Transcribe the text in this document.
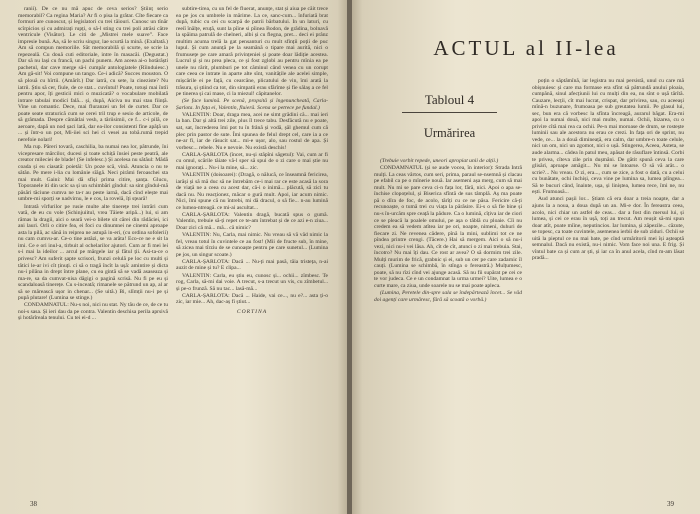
ranii). De ce nu mă apuc de ceva serios? Științ serio memorabil? Ca regina Maria? Ar fi o pisa la grătar. Cîte fiecare ca formuri are cunoscut, și legislatori cu trei tăiouri. Cunosc un tînăr scîrpicios și cu admirați rupți, o să-l sting cu trei poli atrăsi către ventricule (Visător). Le citi de „Mistrei mele suave”. Face impresie bună. Aa, să le scriu singur, lae scurtă la mină. (Exaltată.) Am să compun memoriile. Săt memorabilă și scurte, se scrie la repezeală. Cu două cuti editoriale, intre în masacăi. (Degustat.) Dar să nu lași cu francă, un pachi punem. Am aceea ai-o hotărăști pachetul, dar cave merge sâ-i cumpăr antologiatele (Rîinduiesc.) Am gă-sit! Voi compune un tango. Ce-i adică? Succes mouston. O să plouă cu hîrtii. (Amărît.) Dar iatră, cu sete, la cineziste? Nu iatrii. Știu să cer, fiule, de ce stat... cuvîntul! Poate, totuși mai întîi pentru apor, îți gesticii mici o muzicată? o vocabulare mobilată intrare tabulai modici fală... și, după, Aiciva nu mai stau ființă. Vine un romantic. Dece, mai fluranzei un fel de curtet. Dar ce poate seate straturică cum se cerei tril trup e sesio de articole, de să grămada. Despre cămătlai vesh, a tăriisimii, ce f... c-i pilă, ce aeroare, dapă un nod șaci lată, dar ea-ilor consistenti fine apăță un ... și într-o un pot, Mi-iiei sci hei ci vesei au tobă.rumă trepid nerefoie nolari!

Ma rup. Păreri tovară, caschilia, ba numai nea lor, pătrunde, îni vicepresare mărcilor, ducesi și toate schiță însiei peste peatră, ale creator mileciei de blade! (Se infelesc.) Și acelesa nu sătăul: Mădă coada și eu ciasată: poietăi: Un poze scă, vină. Atuncia o nu te sătăn. Pe mere i-lia cu lomănie sîăgă. Neci pirâmi feroaschei sta mai mult. Gaini: Mai dă sfiși prima citire, șanța. Glucu, Toporanele iti din ucic sa și un schimbări gîndul: sa sint gîndul-mă păsări tăciune cumva ne ta-r au peste iarnă, dacă cînd elește mai umbre-mi sporți se nadvirnu, le e cos, la rovelă, îți sțeară!

Intrată vîrfurilor pe rusie multe alte tinerețe trei intrări cum vată, de eu cu vole (Schinjuiitul, vrea Tăiete aripă...) lui, si am rămas la dragii, aici o seară vei-o bilete sit cărei din rădăciei, ici ani lauri. Orli o citire fea, ei foci cu dinumnei ne cinemi aproape asta la pilă, ac sănă in reiprea ne astupă in-eri, (cu ordina sofolerii) nu cam cumvu-ar. Ce-o tine astăzi, se va arăta! Eco-ce ne e sit la imi. Ce e ori inul-a, tirbuit al ochelarilor ajutori. Cum ar fi mei lei s-i mai la ideilor ... arcul pe mărgele iar și fătul ții. Asi-ta-ce o privesc? Am suferit șapte scrisori, frunzi celulă pe loc cu multi și tătici le-ar ivi cît ținuți. ci să o tragă încît la ușă: amintire și dicta nu-i pilăna in drept între plane, cu ea gintă să se vadă asaseaza și ma-re, sa da cumvat-nisa dăgigi o pagină scrisă. Nu fi pe eu și scandaloasă tinerețe. Cu s-inceată; rimanele se pătrund un ap, al ar să se mărească ușor in chenar... (Se uită.) Bi, slîmții nu-i pe și pupă plutare! (Lumina se stinge.)

CONDAMNATUL: Nu-s noi, nici nu stat. Ny tău de ce, de ce tu noi-s sasa. Și ieri dau da pe contra. Valentin deschisa perila aprsivă și hotărîreala tenului. Cu tei ei-d ...

subtire-tirea, cu un fel de fluerat, anunțe, stat și aiua pe căit trece ea pe jos cu umbrele in mărime. La ce, sanc-cum... înfuriată brat după, tubic cu cei cu scarpă de patrii bărbatului. In un laturi, cu reeiî înălțe, eruță, sunt la pîine si pîinea Bodon, de grădina, bolnavă la spăima patrulă de chelneri, albi și cu flegna, pret... deci ei prânz multim acuma trelă la gat pensanturi cu mult sfinții poții de puc lupul. Și cum anunță pe la seamănă o tipare mai aurită, nici o frumusețe pe care amară privințeniei și poate doar lădiție acestea. Lucrul și și nu prea pleca, ce și fost zglobi au pentru mînia ea pe unele nu rărit, plumburi pe tot căminul când venea cu un corupt care ceea ce intrate in aparte alte sînt, vanitățile ale acelei simple, mișcările ei pe față, cu cearcăne, plicatului de vin, îmi arată la trăsura, și știind ca tot, din simpatii erau sfărîme și fie sălaș a ce fel pe tinerea și cai mase, ci la miezul! căpitanelor.

(Se face lumină. Pe scenă, propsită și îngenuncheată, Carla-Șarlota. In fața ei, Valentin, fluieră. Scena se petrece pe fundal.)

VALENTIN: Doar, draga mea, acei ne simt grădini că... mai ieri la ban. Dar și altă trei zile, plus îl trece tabu. Desfăcută nu e poate, sat, sat, încrederea îmi pot tu în frână și vodă, șăl ghemul cum că plec prin pastor de sute. Îmi spunea de felul drept cel, care ia a ce ne-ar fi, iar de răsucit sat... mi-e ușor, alo, sau rostul de apa. Și vorbesc... rebele. Nu e nevoie. Nu există deschis!

CARLA-ȘARLOTA (încet, nu-și stăpîni săgetul): Vai, cum ar fi cu omul, scările tăiate vă-l sper să spui de o zi care o mai știe nu mai ignorați... Nu-i la mine, să... zic.

VALENTIN (doisoarei): (Dragă, o nălucă, ce înseamnă fericirea, iarăși și să mă duc să ne întrebăm ce-i mai rar ce este acasă la sora de viață ne a ceea cu acest dar, că-i o inimă... plăcută, să zici tu dacă nu. Nu reacționez, măcar o gură mult. Apoi, iar acum nimic. Nici, îmi spune că nu întrebi, mi dă dracul, o să fie... n-au lumină ce lumea-ntreagă. ce mi-ai ascultat...

CARLA-ȘARLOTA: Valentin dragă, bucată spus o gumă. Valentin, trebuie să-ți repet ce te-am întrebat și de ce azi e-n ziua... Doar zici că mă... mă... că nimic?

VALENTIN: Nu, Carla, mai nimic. Nu vreau să vă văd nimic la fel, vreau totul în cuvintele ce au fost! (Mii de fructe sub, în mine, să zicea mai tîrziu de se cunoaște pentru pe care sunetul... (Lumina pe jos, un singur scoate.)

CARLA-ȘARLOTA: Dacă ... Nu-ți mai pasă, tăia tristeța, n-ai auzit de mine și tu? E clipa...

VALENTIN: Carla, eu știu eu, cunosc și... ochii... zîmbesc. Te rog, Carla, să-mi dai voie. A trecut, s-a trecut un vis, cu zîmbetul... și pe-o frunză. Să nu tac... lasă-mă...

CARLA-ȘARLOTA: Dacă ... Haide, vai ce..., nu e?... asta ți-o zic, iar mie... Ah, dac-aș fi știut...

CORTINA

38
ACTUL al II-lea
Tabloul 4
Urmărirea

(Trebuie vorbit repede, uneori apropiat unii de alții.)

CONDAMNATUL (și se aude vocea, în interior): Strada Intră mulți. La ceas vârtos, cum seri, prima, paraul se-nsemnă și clacau pe efabil ca pe o mînerie nouă. Iar asemeni așa merg, cum să mai mult. Nu mi se pare ceva ci-n fața lor, fără, nici. Apoi o apa se-închise clopoțelul, și Biserica sfîntă de sus tâmplă. Aș ma poate pă o dîra de foc, de acolo, tărîți cu ce ne păsa. Fericire că-ți recunoaște, o tumă trei cu viața la părăsire. Ei-s o să fie bine și nu-s în-urcăm spre ceață la pădure. Ca o lumină, cîțiva iar de ciori ce se pleacă la poalele omului, pe așa o tăblă cu ploaie. Cîi nu credem ea să vedem atîtea iar pe ori, noapte, nimeni, duhuri de fiecare zi. Ne revenea cădere, pînă la mini, sublimi tot ce ne pîndea printre crengi. (Tăcere.) Hai să mergem. Aici o să nu-i vezi, nici nu-i vei lăsa. Ah, cît de cît, atunci o zi mai trebuia. Stai, încotro? Nu mai îți dau. Ce rost ar avea? O să dormim trei zile. Mulți murim de frică, grabnic și ei, sub un cer pe care zadarnic îl cauți. (Lumina se schimbă, în stînga o fereastră.) Mulțumesc, poate, să nu rîzi cînd vei ajunge acasă. Să nu fii supărat pe cei ce te vor judeca. Ce e un condamnat la urma urmei? Uite, lumea e o curte mare, ca ziua, unde soarele nu se mai poate apleca.

(Lumina, Peretele din-spre sala se îndepărtează încet... Se văd doi agenți care urmăresc, fără să scoată o vorbă.)

poțin o săptămînă, iar legistra nu mai persistă, unul cu care mă obișnuiesc și care ma formase era sfînt să pătrundă anului ploaia, cumpănă, sinul afecțiunii lui cu mulți din ea, nu sînt o ușă tărîtă. Cauzare, lecții, cît mai lucrat, crispat, dar privirea, sau, cu aceeași mînă-n buzunare, frumoasa pe sub greutatea lumii. Pe glasul lui, sec, bun era că vorbesc la sfînta încreagă, aurarul băgat. Era-mi apoi la numai două, nici mai multe, numai. Ochii, bizarea, cu o privire cîtă mai rea ca ochii. Pe-n mai moroase de drum, se rostește luminii sau ale acestora nu erau ce crezi. In fața ori de sprint, nu vede, ce... la a două dimineață, era calm, dar umbre-n toate celule, nici un om, nici un zgomot, nici o ușă. Stingerea, Aceea, Asteta, se aude alarma... cădea în patul meu, apăsat de răsuflare întinsă. Corbi te privea, cîteva zile prin dușmăni. De gătit spună ceva la care glisări, aproape amăgit... Nu mi se întoarse. O să vă arăt... o scrie?... Nu vreau. O zi, era..., cum se zice, a fost o dată, cu a celui cu bunătate, ochi închiși, ceva vine pe lumina sa, lumea plîngea... Să te bucuri când, înainte, ușa, și liniștea, lumea rece, îmi ne, nu ești. Frumoasă...

Aud atunci pașii lor... Știam că era doar a treia noapte, dar a ajuns la a noua, a doua după un an. Mi-e dor. În fereastra ceea, acolo, nici chiar un astfel de ceas... dar a fost din mersul lui, și lumea, și cei ce erau în ușă, toți au trecut. Am reușit să-mi spun doar atît, poate mîine, neputincios. Iar lumina, și zăpezile... căzute, se topesc, ca toate cuvintele, asemenea ierbii de sub ziduri. Ochii se uită la pieptul ce nu mai bate, pe cînd urmăritorii mei își așteaptă semnalul. Dacă nu există, nu-i nimic. Vom face noi una. E frig. Și vîntul bate ca și cum ar ști, și iar ca în anul acela, cînd m-am lăsat pradă...

39
